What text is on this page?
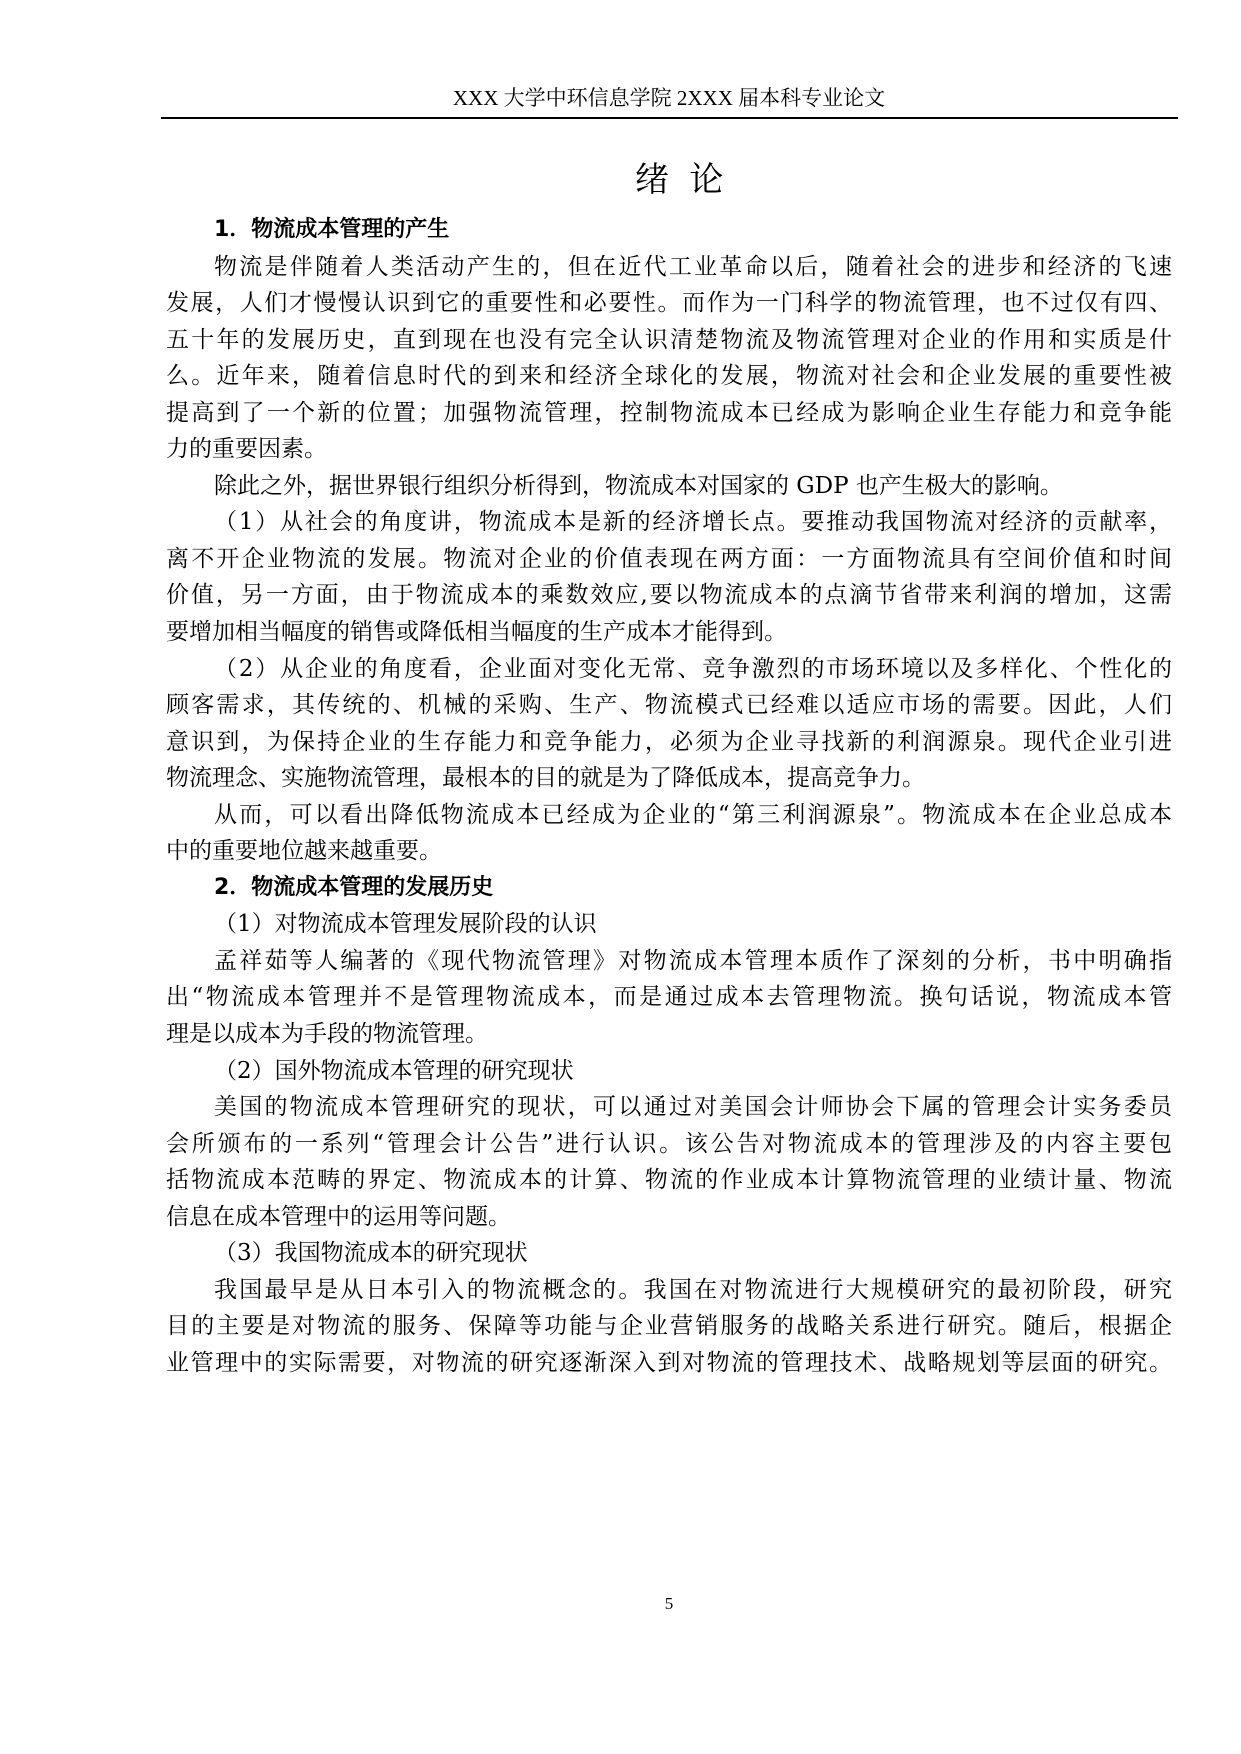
XXX 大学中环信息学院 2XXX 届本科专业论文
绪论
1．物流成本管理的产生
物流是伴随着人类活动产生的，但在近代工业革命以后，随着社会的进步和经济的飞速
发展，人们才慢慢认识到它的重要性和必要性。而作为一门科学的物流管理，也不过仅有四、
五十年的发展历史，直到现在也没有完全认识清楚物流及物流管理对企业的作用和实质是什
么。近年来，随着信息时代的到来和经济全球化的发展，物流对社会和企业发展的重要性被
提高到了一个新的位置；加强物流管理，控制物流成本已经成为影响企业生存能力和竞争能
力的重要因素。
除此之外，据世界银行组织分析得到，物流成本对国家的 GDP 也产生极大的影响。
（1）从社会的角度讲，物流成本是新的经济增长点。要推动我国物流对经济的贡献率，
离不开企业物流的发展。物流对企业的价值表现在两方面：一方面物流具有空间价值和时间
价值，另一方面，由于物流成本的乘数效应,要以物流成本的点滴节省带来利润的增加，这需
要增加相当幅度的销售或降低相当幅度的生产成本才能得到。
（2）从企业的角度看，企业面对变化无常、竞争激烈的市场环境以及多样化、个性化的
顾客需求，其传统的、机械的采购、生产、物流模式已经难以适应市场的需要。因此，人们
意识到，为保持企业的生存能力和竞争能力，必须为企业寻找新的利润源泉。现代企业引进
物流理念、实施物流管理，最根本的目的就是为了降低成本，提高竞争力。
从而，可以看出降低物流成本已经成为企业的“第三利润源泉”。物流成本在企业总成本
中的重要地位越来越重要。
2．物流成本管理的发展历史
（1）对物流成本管理发展阶段的认识
孟祥茹等人编著的《现代物流管理》对物流成本管理本质作了深刻的分析，书中明确指
出“物流成本管理并不是管理物流成本，而是通过成本去管理物流。换句话说，物流成本管
理是以成本为手段的物流管理。
（2）国外物流成本管理的研究现状
美国的物流成本管理研究的现状，可以通过对美国会计师协会下属的管理会计实务委员
会所颁布的一系列“管理会计公告”进行认识。该公告对物流成本的管理涉及的内容主要包
括物流成本范畴的界定、物流成本的计算、物流的作业成本计算物流管理的业绩计量、物流
信息在成本管理中的运用等问题。
（3）我国物流成本的研究现状
我国最早是从日本引入的物流概念的。我国在对物流进行大规模研究的最初阶段，研究
目的主要是对物流的服务、保障等功能与企业营销服务的战略关系进行研究。随后，根据企
业管理中的实际需要，对物流的研究逐渐深入到对物流的管理技术、战略规划等层面的研究。
5
